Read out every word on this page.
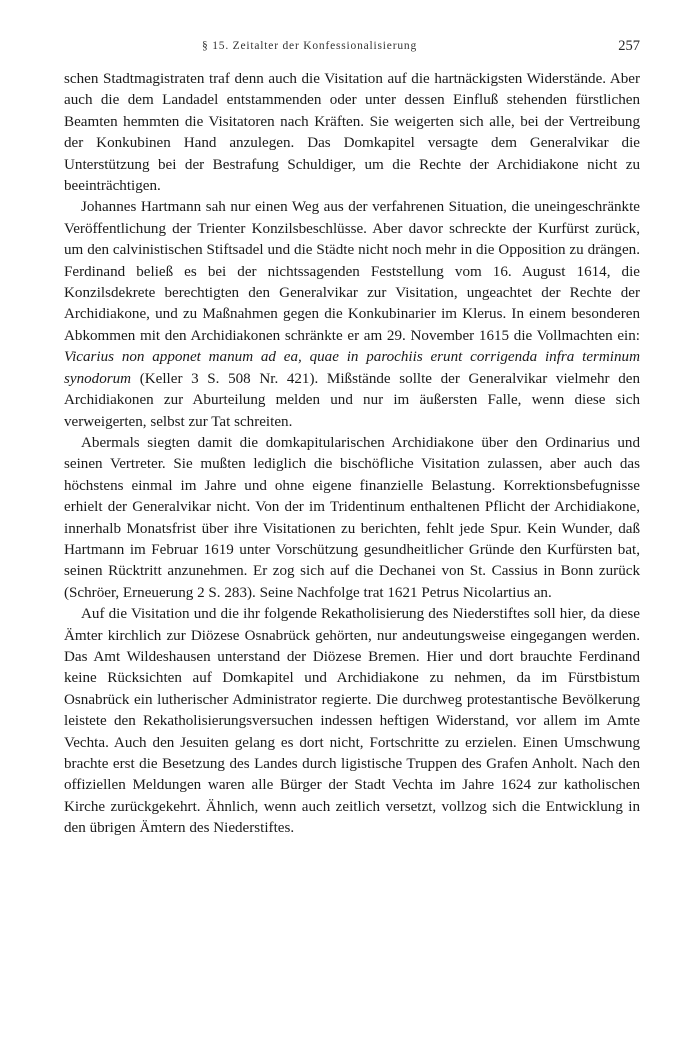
§ 15. Zeitalter der Konfessionalisierung	257

schen Stadtmagistraten traf denn auch die Visitation auf die hartnäckigsten Widerstände. Aber auch die dem Landadel entstammenden oder unter dessen Einfluß stehenden fürstlichen Beamten hemmten die Visitatoren nach Kräften. Sie weigerten sich alle, bei der Vertreibung der Konkubinen Hand anzulegen. Das Domkapitel versagte dem Generalvikar die Unterstützung bei der Bestrafung Schuldiger, um die Rechte der Archidiakone nicht zu beeinträchtigen.

Johannes Hartmann sah nur einen Weg aus der verfahrenen Situation, die uneingeschränkte Veröffentlichung der Trienter Konzilsbeschlüsse. Aber davor schreckte der Kurfürst zurück, um den calvinistischen Stiftsadel und die Städte nicht noch mehr in die Opposition zu drängen. Ferdinand beließ es bei der nichtssagenden Feststellung vom 16. August 1614, die Konzilsdekrete berechtigten den Generalvikar zur Visitation, ungeachtet der Rechte der Archidiakone, und zu Maßnahmen gegen die Konkubinarier im Klerus. In einem besonderen Abkommen mit den Archidiakonen schränkte er am 29. November 1615 die Vollmachten ein: Vicarius non apponet manum ad ea, quae in parochiis erunt corrigenda infra terminum synodorum (Keller 3 S. 508 Nr. 421). Mißstände sollte der Generalvikar vielmehr den Archidiakonen zur Aburteilung melden und nur im äußersten Falle, wenn diese sich verweigerten, selbst zur Tat schreiten.

Abermals siegten damit die domkapitularischen Archidiakone über den Ordinarius und seinen Vertreter. Sie mußten lediglich die bischöfliche Visitation zulassen, aber auch das höchstens einmal im Jahre und ohne eigene finanzielle Belastung. Korrektionsbefugnisse erhielt der Generalvikar nicht. Von der im Tridentinum enthaltenen Pflicht der Archidiakone, innerhalb Monatsfrist über ihre Visitationen zu berichten, fehlt jede Spur. Kein Wunder, daß Hartmann im Februar 1619 unter Vorschützung gesundheitlicher Gründe den Kurfürsten bat, seinen Rücktritt anzunehmen. Er zog sich auf die Dechanei von St. Cassius in Bonn zurück (Schröer, Erneuerung 2 S. 283). Seine Nachfolge trat 1621 Petrus Nicolartius an.

Auf die Visitation und die ihr folgende Rekatholisierung des Niederstiftes soll hier, da diese Ämter kirchlich zur Diözese Osnabrück gehörten, nur andeutungsweise eingegangen werden. Das Amt Wildeshausen unterstand der Diözese Bremen. Hier und dort brauchte Ferdinand keine Rücksichten auf Domkapitel und Archidiakone zu nehmen, da im Fürstbistum Osnabrück ein lutherischer Administrator regierte. Die durchweg protestantische Bevölkerung leistete den Rekatholisierungsversuchen indessen heftigen Widerstand, vor allem im Amte Vechta. Auch den Jesuiten gelang es dort nicht, Fortschritte zu erzielen. Einen Umschwung brachte erst die Besetzung des Landes durch ligistische Truppen des Grafen Anholt. Nach den offiziellen Meldungen waren alle Bürger der Stadt Vechta im Jahre 1624 zur katholischen Kirche zurückgekehrt. Ähnlich, wenn auch zeitlich versetzt, vollzog sich die Entwicklung in den übrigen Ämtern des Niederstiftes.
